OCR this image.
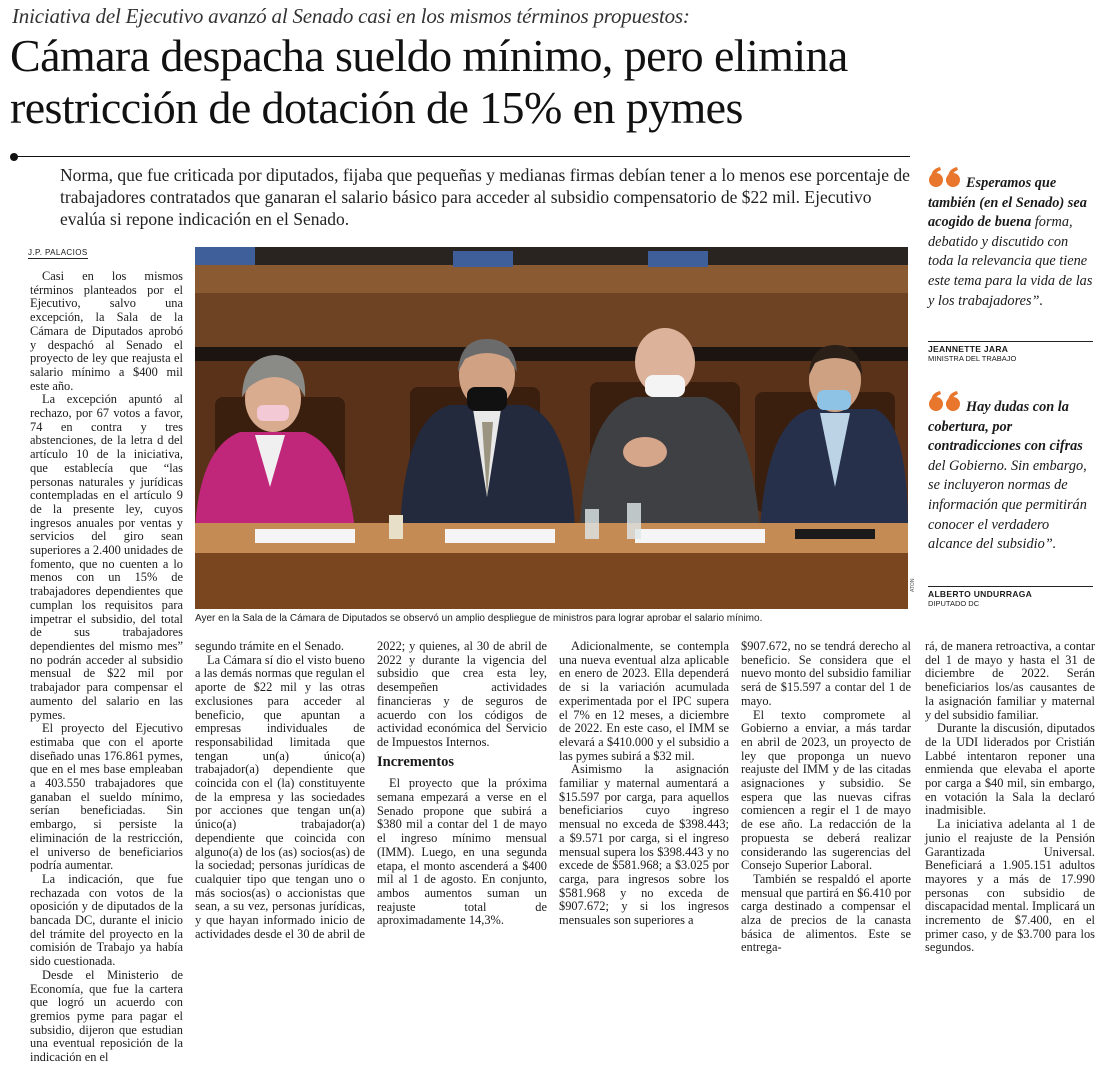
Iniciativa del Ejecutivo avanzó al Senado casi en los mismos términos propuestos:
Cámara despacha sueldo mínimo, pero elimina
restricción de dotación de 15% en pymes
Norma, que fue criticada por diputados, fijaba que pequeñas y medianas firmas debían tener a lo menos ese porcentaje de trabajadores contratados que ganaran el salario básico para acceder al subsidio compensatorio de $22 mil. Ejecutivo evalúa si repone indicación en el Senado.
J.P. PALACIOS

Casi en los mismos términos planteados por el Ejecutivo, salvo una excepción, la Sala de la Cámara de Diputados aprobó y despachó al Senado el proyecto de ley que reajusta el salario mínimo a $400 mil este año.

La excepción apuntó al rechazo, por 67 votos a favor, 74 en contra y tres abstenciones, de la letra d del artículo 10 de la iniciativa, que establecía que “las personas naturales y jurídicas contempladas en el artículo 9 de la presente ley, cuyos ingresos anuales por ventas y servicios del giro sean superiores a 2.400 unidades de fomento, que no cuenten a lo menos con un 15% de trabajadores dependientes que cumplan los requisitos para impetrar el subsidio, del total de sus trabajadores dependientes del mismo mes” no podrán acceder al subsidio mensual de $22 mil por trabajador para compensar el aumento del salario en las pymes.

El proyecto del Ejecutivo estimaba que con el aporte diseñado unas 176.861 pymes, que en el mes base empleaban a 403.550 trabajadores que ganaban el sueldo mínimo, serían beneficiadas. Sin embargo, si persiste la eliminación de la restricción, el universo de beneficiarios podría aumentar.

La indicación, que fue rechazada con votos de la oposición y de diputados de la bancada DC, durante el inicio del trámite del proyecto en la comisión de Trabajo ya había sido cuestionada.

Desde el Ministerio de Economía, que fue la cartera que logró un acuerdo con gremios pyme para pagar el subsidio, dijeron que estudian una eventual reposición de la indicación en el

Ayer en la Sala de la Cámara de Diputados se observó un amplio despliegue de ministros para lograr aprobar el salario mínimo.
ATON

segundo trámite en el Senado.

La Cámara sí dio el visto bueno a las demás normas que regulan el aporte de $22 mil y las otras exclusiones para acceder al beneficio, que apuntan a empresas individuales de responsabilidad limitada que tengan un(a) único(a) trabajador(a) dependiente que coincida con el (la) constituyente de la empresa y las sociedades por acciones que tengan un(a) único(a) trabajador(a) dependiente que coincida con alguno(a) de los (as) socios(as) de la sociedad; personas jurídicas de cualquier tipo que tengan uno o más socios(as) o accionistas que sean, a su vez, personas jurídicas, y que hayan informado inicio de actividades desde el 30 de abril de

2022; y quienes, al 30 de abril de 2022 y durante la vigencia del subsidio que crea esta ley, desempeñen actividades financieras y de seguros de acuerdo con los códigos de actividad económica del Servicio de Impuestos Internos.

Incrementos

El proyecto que la próxima semana empezará a verse en el Senado propone que subirá a $380 mil a contar del 1 de mayo el ingreso mínimo mensual (IMM). Luego, en una segunda etapa, el monto ascenderá a $400 mil al 1 de agosto. En conjunto, ambos aumentos suman un reajuste total de aproximadamente 14,3%.

Adicionalmente, se contempla una nueva eventual alza aplicable en enero de 2023. Ella dependerá de si la variación acumulada experimentada por el IPC supera el 7% en 12 meses, a diciembre de 2022. En este caso, el IMM se elevará a $410.000 y el subsidio a las pymes subirá a $32 mil.

Asimismo la asignación familiar y maternal aumentará a $15.597 por carga, para aquellos beneficiarios cuyo ingreso mensual no exceda de $398.443; a $9.571 por carga, si el ingreso mensual supera los $398.443 y no excede de $581.968; a $3.025 por carga, para ingresos sobre los $581.968 y no exceda de $907.672; y si los ingresos mensuales son superiores a

$907.672, no se tendrá derecho al beneficio. Se considera que el nuevo monto del subsidio familiar será de $15.597 a contar del 1 de mayo.

El texto compromete al Gobierno a enviar, a más tardar en abril de 2023, un proyecto de ley que proponga un nuevo reajuste del IMM y de las citadas asignaciones y subsidio. Se espera que las nuevas cifras comiencen a regir el 1 de mayo de ese año. La redacción de la propuesta se deberá realizar considerando las sugerencias del Consejo Superior Laboral.

También se respaldó el aporte mensual que partirá en $6.410 por carga destinado a compensar el alza de precios de la canasta básica de alimentos. Este se entrega-

rá, de manera retroactiva, a contar del 1 de mayo y hasta el 31 de diciembre de 2022. Serán beneficiarios los/as causantes de la asignación familiar y maternal y del subsidio familiar.

Durante la discusión, diputados de la UDI liderados por Cristián Labbé intentaron reponer una enmienda que elevaba el aporte por carga a $40 mil, sin embargo, en votación la Sala la declaró inadmisible.

La iniciativa adelanta al 1 de junio el reajuste de la Pensión Garantizada Universal. Beneficiará a 1.905.151 adultos mayores y a más de 17.990 personas con subsidio de discapacidad mental. Implicará un incremento de $7.400, en el primer caso, y de $3.700 para los segundos.

Esperamos que también (en el Senado) sea acogido de buena forma, debatido y discutido con toda la relevancia que tiene este tema para la vida de las y los trabajadores”.
JEANNETTE JARA
MINISTRA DEL TRABAJO
Hay dudas con la cobertura, por contradicciones con cifras del Gobierno. Sin embargo, se incluyeron normas de información que permitirán conocer el verdadero alcance del subsidio”.
ALBERTO UNDURRAGA
DIPUTADO DC
